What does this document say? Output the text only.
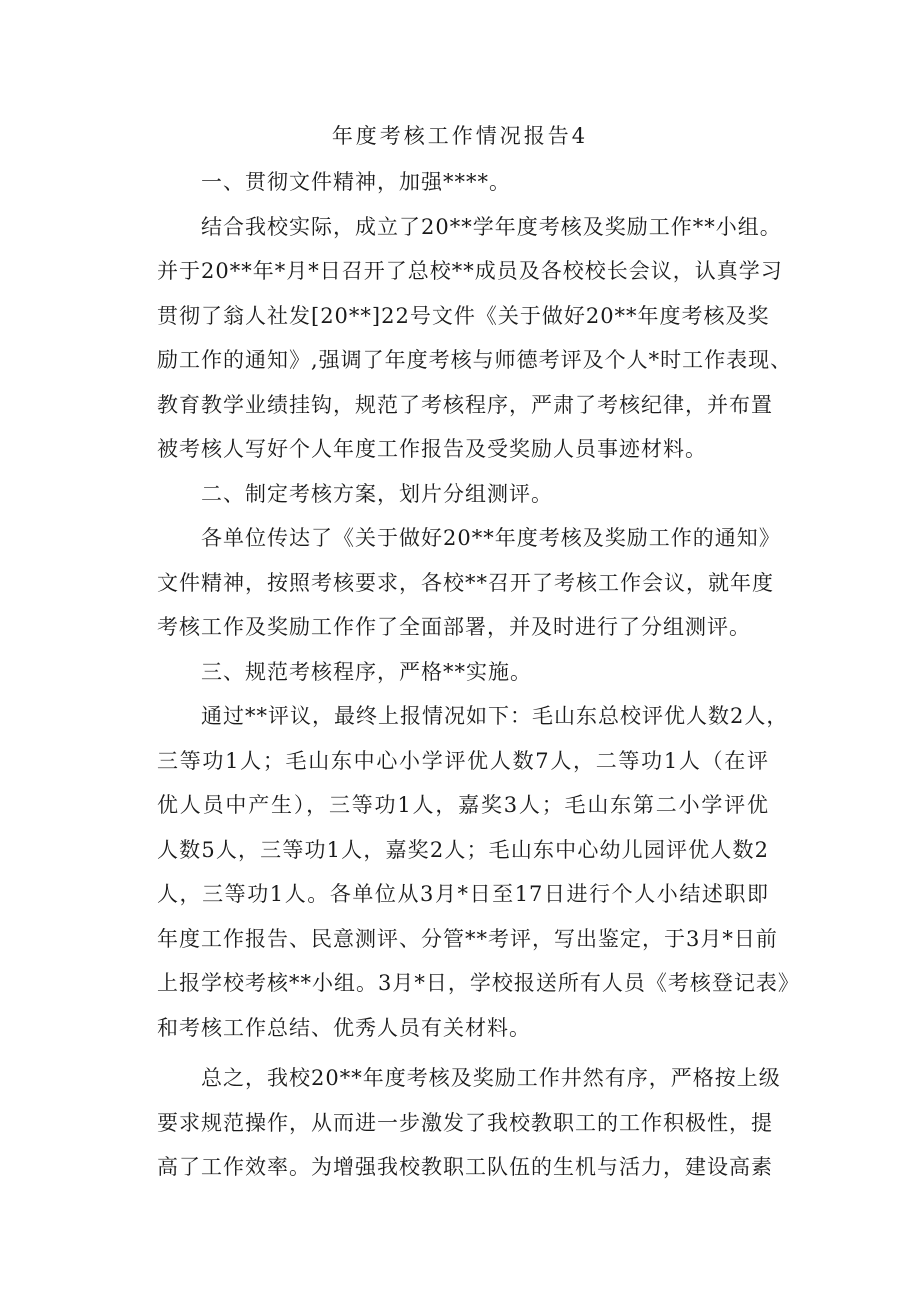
年度考核工作情况报告4
一、贯彻文件精神，加强****。
结合我校实际，成立了20**学年度考核及奖励工作**小组。
并于20**年*月*日召开了总校**成员及各校校长会议，认真学习
贯彻了翁人社发[20**]22号文件《关于做好20**年度考核及奖
励工作的通知》,强调了年度考核与师德考评及个人*时工作表现、
教育教学业绩挂钩，规范了考核程序，严肃了考核纪律，并布置
被考核人写好个人年度工作报告及受奖励人员事迹材料。
二、制定考核方案，划片分组测评。
各单位传达了《关于做好20**年度考核及奖励工作的通知》
文件精神，按照考核要求，各校**召开了考核工作会议，就年度
考核工作及奖励工作作了全面部署，并及时进行了分组测评。
三、规范考核程序，严格**实施。
通过**评议，最终上报情况如下：毛山东总校评优人数2人，
三等功1人；毛山东中心小学评优人数7人，二等功1人（在评
优人员中产生），三等功1人，嘉奖3人；毛山东第二小学评优
人数5人，三等功1人，嘉奖2人；毛山东中心幼儿园评优人数2
人，三等功1人。各单位从3月*日至17日进行个人小结述职即
年度工作报告、民意测评、分管**考评，写出鉴定，于3月*日前
上报学校考核**小组。3月*日，学校报送所有人员《考核登记表》
和考核工作总结、优秀人员有关材料。
总之，我校20**年度考核及奖励工作井然有序，严格按上级
要求规范操作，从而进一步激发了我校教职工的工作积极性，提
高了工作效率。为增强我校教职工队伍的生机与活力，建设高素
